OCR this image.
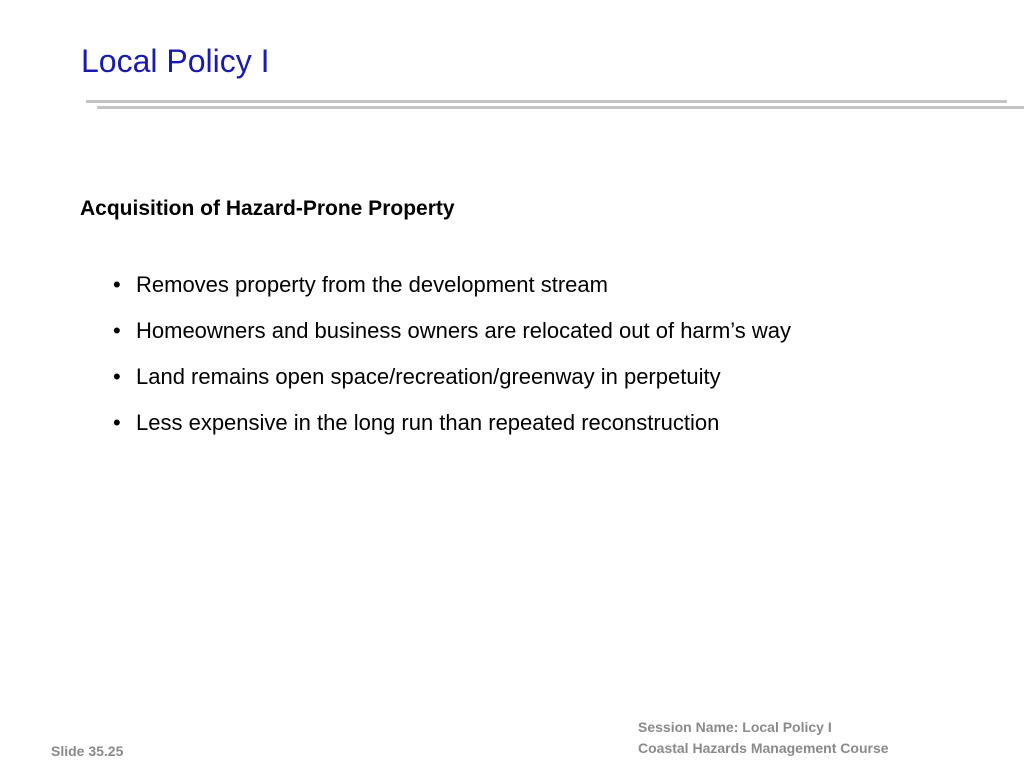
Local Policy I
Acquisition of Hazard-Prone Property
• Removes property from the development stream
• Homeowners and business owners are relocated out of harm’s way
• Land remains open space/recreation/greenway in perpetuity
• Less expensive in the long run than repeated reconstruction
Slide 35.25
Session Name: Local Policy I
Coastal Hazards Management Course
